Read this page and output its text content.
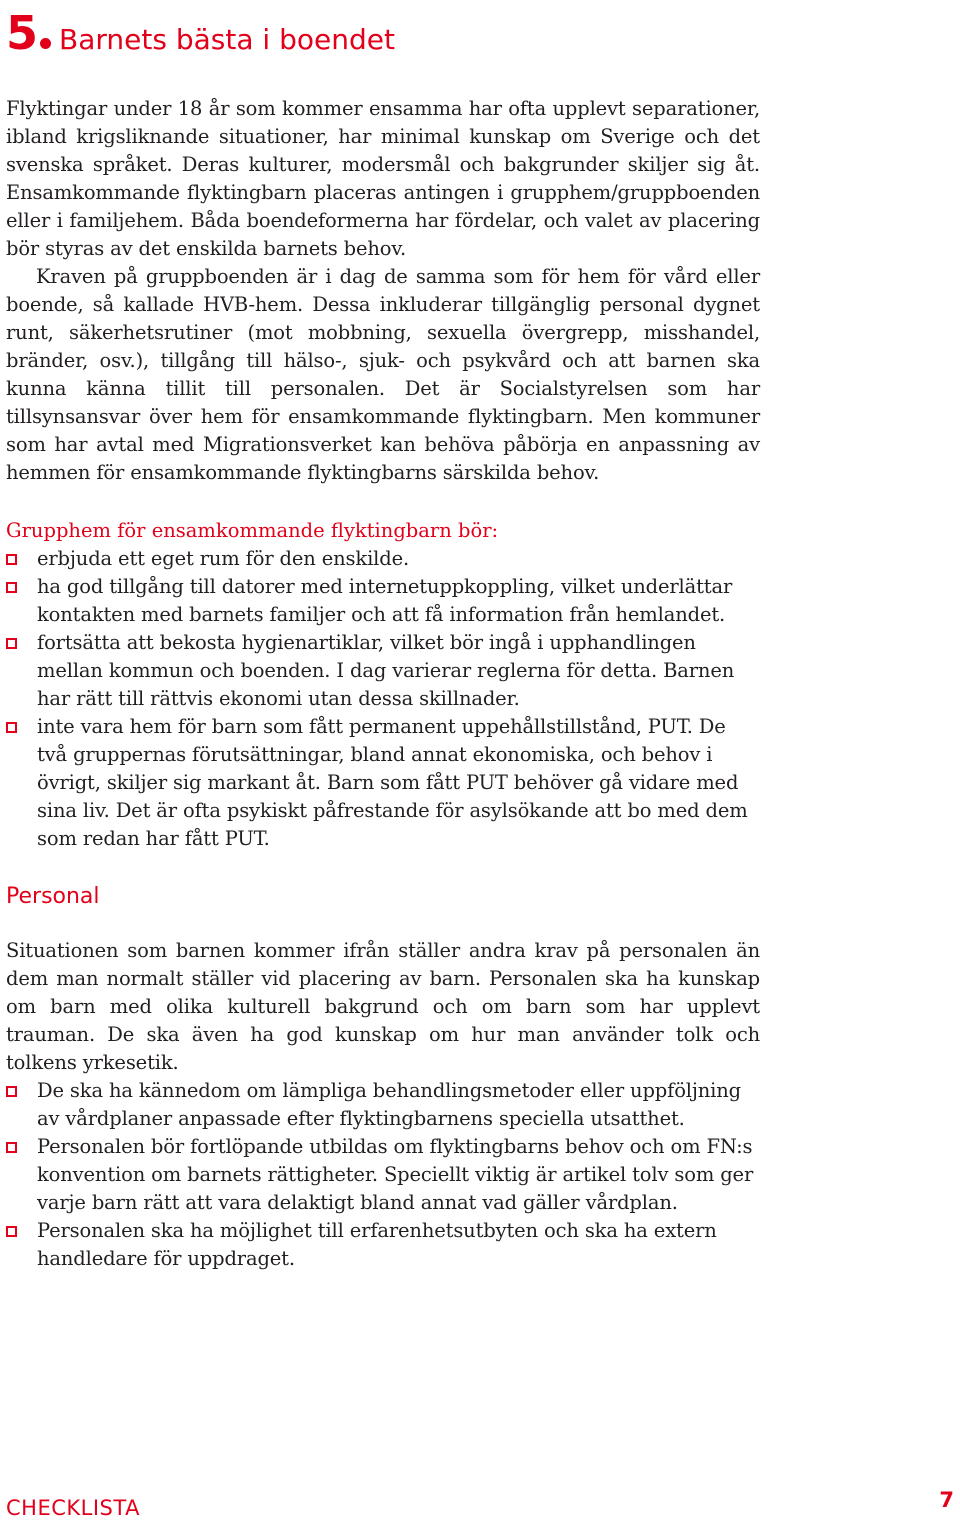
5 Barnets bästa i boendet

Flyktingar under 18 år som kommer ensamma har ofta upplevt separationer, ibland krigsliknande situationer, har minimal kunskap om Sverige och det svenska språket. Deras kulturer, modersmål och bakgrunder skiljer sig åt. Ensamkommande flyktingbarn placeras antingen i grupphem/gruppboenden eller i familjehem. Båda boendeformerna har fördelar, och valet av placering bör styras av det enskilda barnets behov.

Kraven på gruppboenden är i dag de samma som för hem för vård eller boende, så kallade HVB-hem. Dessa inkluderar tillgänglig personal dygnet runt, säkerhetsrutiner (mot mobbning, sexuella övergrepp, misshandel, bränder, osv.), tillgång till hälso-, sjuk- och psykvård och att barnen ska kunna känna tillit till personalen. Det är Socialstyrelsen som har tillsynsansvar över hem för ensamkommande flyktingbarn. Men kommuner som har avtal med Migrationsverket kan behöva påbörja en anpassning av hemmen för ensamkommande flyktingbarns särskilda behov.

Grupphem för ensamkommande flyktingbarn bör:
erbjuda ett eget rum för den enskilde.
ha god tillgång till datorer med internetuppkoppling, vilket underlättar kontakten med barnets familjer och att få information från hemlandet.
fortsätta att bekosta hygienartiklar, vilket bör ingå i upphandlingen mellan kommun och boenden. I dag varierar reglerna för detta. Barnen har rätt till rättvis ekonomi utan dessa skillnader.
inte vara hem för barn som fått permanent uppehållstillstånd, PUT. De två gruppernas förutsättningar, bland annat ekonomiska, och behov i övrigt, skiljer sig markant åt. Barn som fått PUT behöver gå vidare med sina liv. Det är ofta psykiskt påfrestande för asylsökande att bo med dem som redan har fått PUT.
Personal

Situationen som barnen kommer ifrån ställer andra krav på personalen än dem man normalt ställer vid placering av barn. Personalen ska ha kunskap om barn med olika kulturell bakgrund och om barn som har upplevt trauman. De ska även ha god kunskap om hur man använder tolk och tolkens yrkesetik.

De ska ha kännedom om lämpliga behandlingsmetoder eller uppföljning av vårdplaner anpassade efter flyktingbarnens speciella utsatthet.
Personalen bör fortlöpande utbildas om flyktingbarns behov och om FN:s konvention om barnets rättigheter. Speciellt viktig är artikel tolv som ger varje barn rätt att vara delaktigt bland annat vad gäller vårdplan.
Personalen ska ha möjlighet till erfarenhetsutbyten och ska ha extern handledare för uppdraget.
CHECKLISTA	7
